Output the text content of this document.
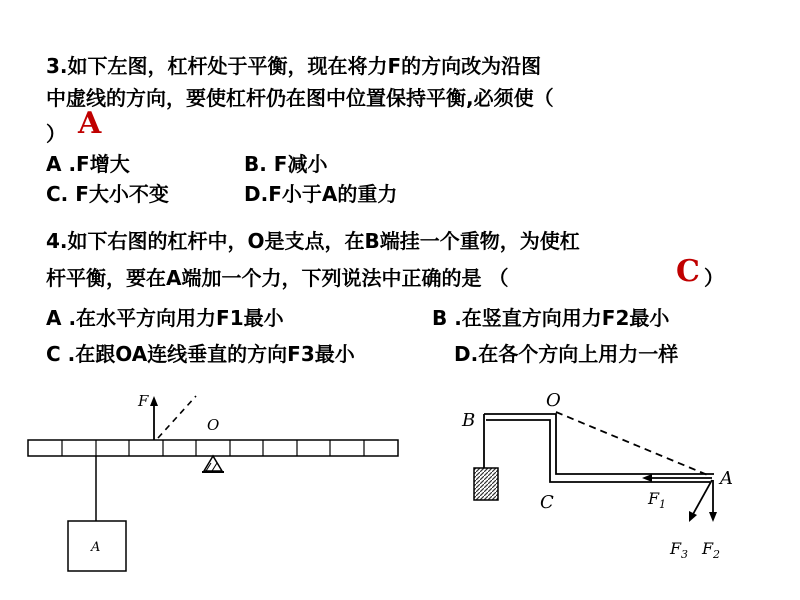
3.如下左图，杠杆处于平衡，现在将力F的方向改为沿图
中虚线的方向，要使杠杆仍在图中位置保持平衡,必须使（
） A
A .F增大	B. F减小
C. F大小不变	D.F小于A的重力
4.如下右图的杠杆中，O是支点，在B端挂一个重物，为使杠
杆平衡，要在A端加一个力，下列说法中正确的是 （	C ）
A .在水平方向用力F1最小	B .在竖直方向用力F2最小
C .在跟OA连线垂直的方向F3最小	D.在各个方向上用力一样
F
O
A
B
O
C
A
F 1
F 3 F 2
